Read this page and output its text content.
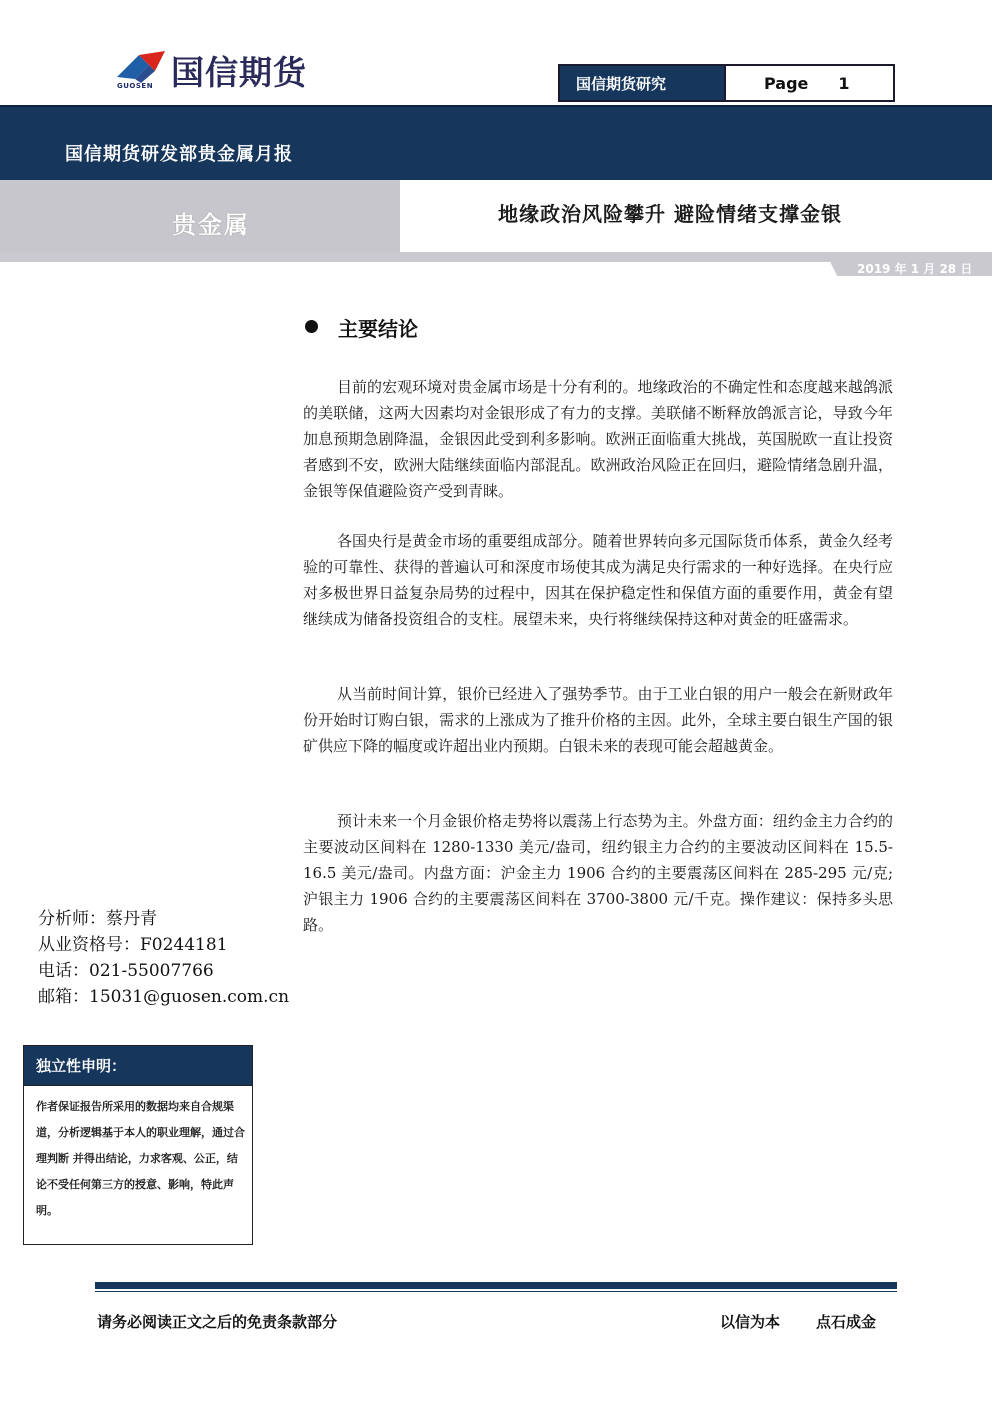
国信期货
GUOSEN	国信期货研究	Page 1
国信期货研发部贵金属月报
贵金属	地缘政治风险攀升 避险情绪支撑金银
2019 年 1 月 28 日
主要结论

目前的宏观环境对贵金属市场是十分有利的。地缘政治的不确定性和态度越来越鸽派的美联储，这两大因素均对金银形成了有力的支撑。美联储不断释放鸽派言论，导致今年加息预期急剧降温，金银因此受到利多影响。欧洲正面临重大挑战，英国脱欧一直让投资者感到不安，欧洲大陆继续面临内部混乱。欧洲政治风险正在回归，避险情绪急剧升温，金银等保值避险资产受到青睐。

各国央行是黄金市场的重要组成部分。随着世界转向多元国际货币体系，黄金久经考验的可靠性、获得的普遍认可和深度市场使其成为满足央行需求的一种好选择。在央行应对多极世界日益复杂局势的过程中，因其在保护稳定性和保值方面的重要作用，黄金有望继续成为储备投资组合的支柱。展望未来，央行将继续保持这种对黄金的旺盛需求。

从当前时间计算，银价已经进入了强势季节。由于工业白银的用户一般会在新财政年份开始时订购白银，需求的上涨成为了推升价格的主因。此外，全球主要白银生产国的银矿供应下降的幅度或许超出业内预期。白银未来的表现可能会超越黄金。

预计未来一个月金银价格走势将以震荡上行态势为主。外盘方面：纽约金主力合约的主要波动区间料在 1280-1330 美元/盎司，纽约银主力合约的主要波动区间料在 15.5-16.5 美元/盎司。内盘方面：沪金主力 1906 合约的主要震荡区间料在 285-295 元/克;沪银主力 1906 合约的主要震荡区间料在 3700-3800 元/千克。操作建议：保持多头思路。

分析师：蔡丹青
从业资格号：F0244181
电话：021-55007766
邮箱：15031@guosen.com.cn
独立性申明：
作者保证报告所采用的数据均来自合规渠道，分析逻辑基于本人的职业理解，通过合理判断 并得出结论，力求客观、公正，结论不受任何第三方的授意、影响，特此声明。
请务必阅读正文之后的免责条款部分	以信为本 点石成金
